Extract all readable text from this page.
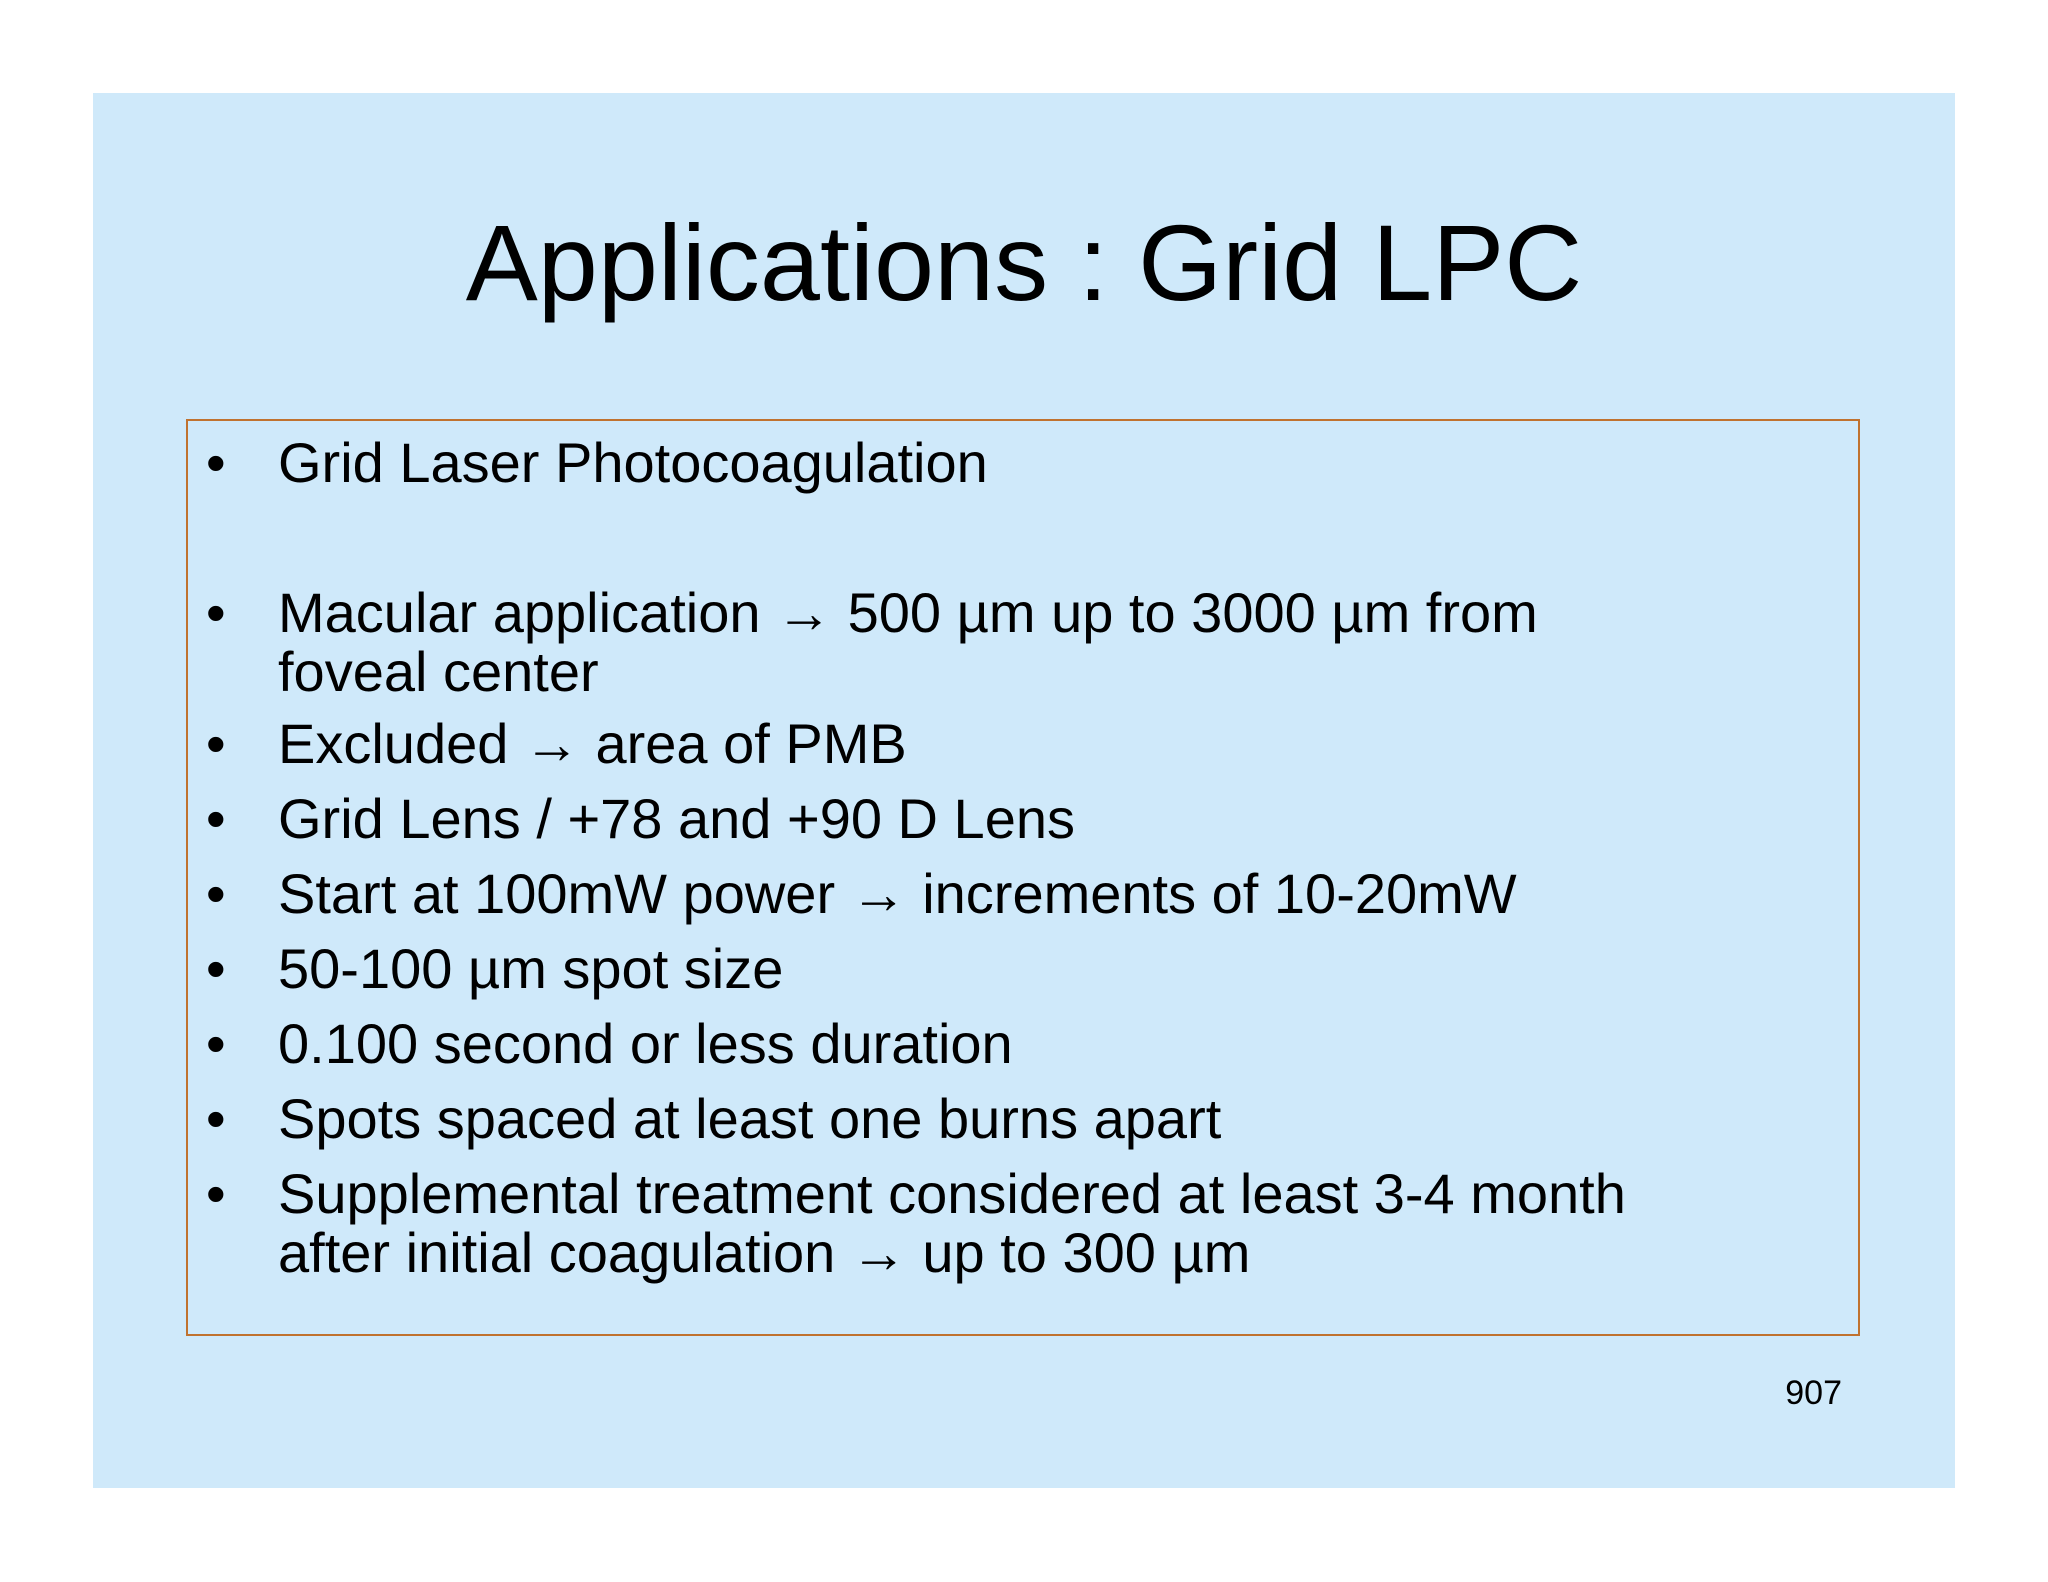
Applications : Grid LPC
• Grid Laser Photocoagulation
• Macular application → 500 µm up to 3000 µm from
foveal center
• Excluded → area of PMB
• Grid Lens / +78 and +90 D Lens
• Start at 100mW power → increments of 10-20mW
• 50-100 µm spot size
• 0.100 second or less duration
• Spots spaced at least one burns apart
• Supplemental treatment considered at least 3-4 month
after initial coagulation → up to 300 µm
907
